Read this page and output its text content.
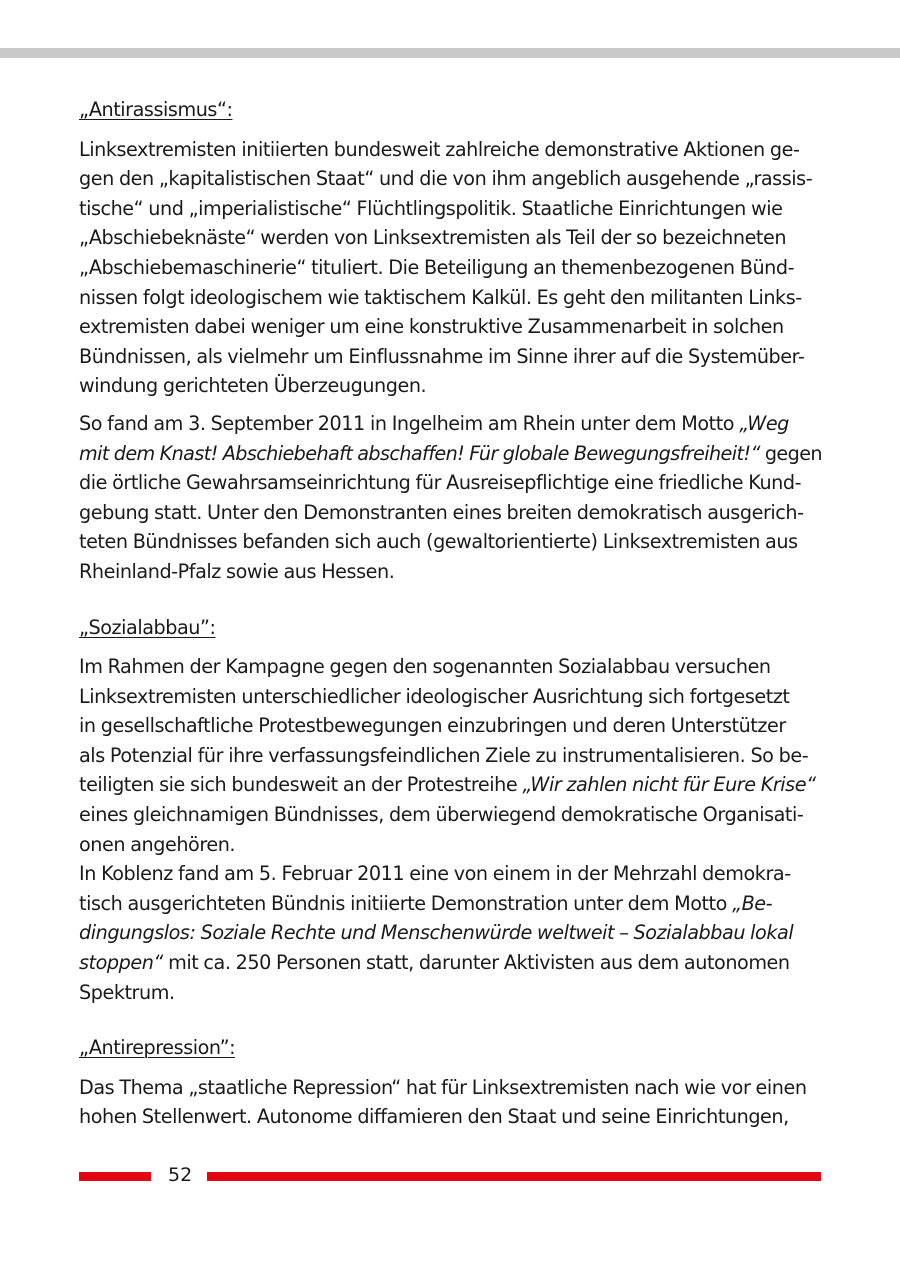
„Antirassismus“:
Linksextremisten initiierten bundesweit zahlreiche demonstrative Aktionen ge-
gen den „kapitalistischen Staat“ und die von ihm angeblich ausgehende „rassis-
tische“ und „imperialistische“ Flüchtlingspolitik. Staatliche Einrichtungen wie
„Abschiebeknäste“ werden von Linksextremisten als Teil der so bezeichneten
„Abschiebemaschinerie“ tituliert. Die Beteiligung an themenbezogenen Bünd-
nissen folgt ideologischem wie taktischem Kalkül. Es geht den militanten Links-
extremisten dabei weniger um eine konstruktive Zusammenarbeit in solchen
Bündnissen, als vielmehr um Einflussnahme im Sinne ihrer auf die Systemüber-
windung gerichteten Überzeugungen.
So fand am 3. September 2011 in Ingelheim am Rhein unter dem Motto „Weg
mit dem Knast! Abschiebehaft abschaffen! Für globale Bewegungsfreiheit!“ gegen
die örtliche Gewahrsamseinrichtung für Ausreisepflichtige eine friedliche Kund-
gebung statt. Unter den Demonstranten eines breiten demokratisch ausgerich-
teten Bündnisses befanden sich auch (gewaltorientierte) Linksextremisten aus
Rheinland-Pfalz sowie aus Hessen.
„Sozialabbau”:
Im Rahmen der Kampagne gegen den sogenannten Sozialabbau versuchen
Linksextremisten unterschiedlicher ideologischer Ausrichtung sich fortgesetzt
in gesellschaftliche Protestbewegungen einzubringen und deren Unterstützer
als Potenzial für ihre verfassungsfeindlichen Ziele zu instrumentalisieren. So be-
teiligten sie sich bundesweit an der Protestreihe „Wir zahlen nicht für Eure Krise“
eines gleichnamigen Bündnisses, dem überwiegend demokratische Organisati-
onen angehören.
In Koblenz fand am 5. Februar 2011 eine von einem in der Mehrzahl demokra-
tisch ausgerichteten Bündnis initiierte Demonstration unter dem Motto „Be-
dingungslos: Soziale Rechte und Menschenwürde weltweit – Sozialabbau lokal
stoppen“ mit ca. 250 Personen statt, darunter Aktivisten aus dem autonomen
Spektrum.
„Antirepression”:
Das Thema „staatliche Repression“ hat für Linksextremisten nach wie vor einen
hohen Stellenwert. Autonome diffamieren den Staat und seine Einrichtungen,
52
